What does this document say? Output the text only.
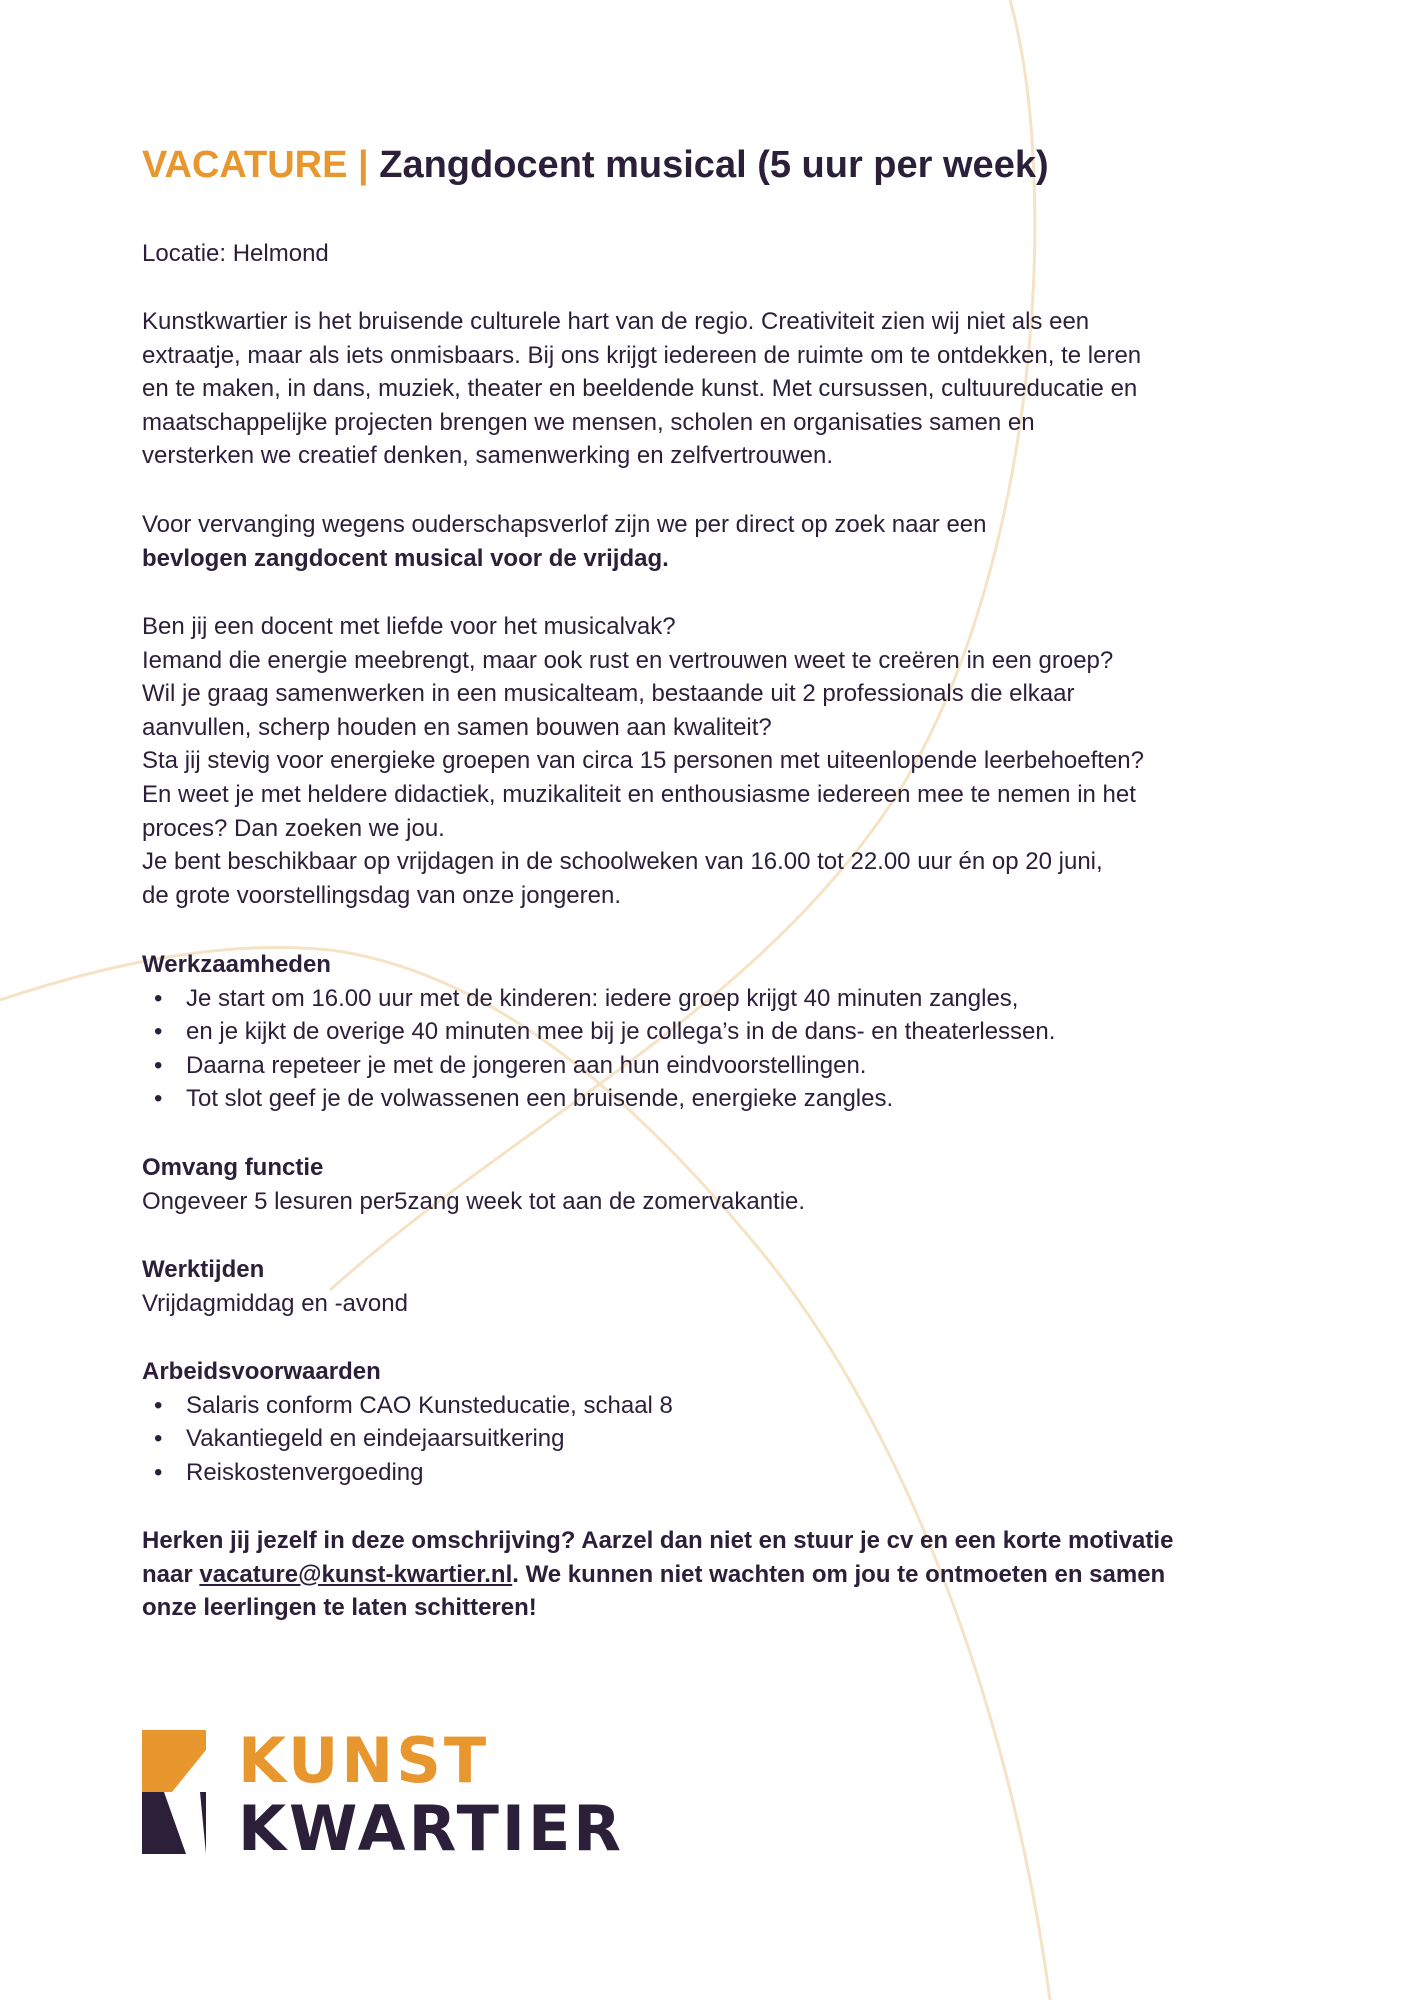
VACATURE | Zangdocent musical (5 uur per week)

Locatie: Helmond

Kunstkwartier is het bruisende culturele hart van de regio. Creativiteit zien wij niet als een
extraatje, maar als iets onmisbaars. Bij ons krijgt iedereen de ruimte om te ontdekken, te leren
en te maken, in dans, muziek, theater en beeldende kunst. Met cursussen, cultuureducatie en
maatschappelijke projecten brengen we mensen, scholen en organisaties samen en
versterken we creatief denken, samenwerking en zelfvertrouwen.
Voor vervanging wegens ouderschapsverlof zijn we per direct op zoek naar een
bevlogen zangdocent musical voor de vrijdag.
Ben jij een docent met liefde voor het musicalvak?
Iemand die energie meebrengt, maar ook rust en vertrouwen weet te creëren in een groep?
Wil je graag samenwerken in een musicalteam, bestaande uit 2 professionals die elkaar
aanvullen, scherp houden en samen bouwen aan kwaliteit?
Sta jij stevig voor energieke groepen van circa 15 personen met uiteenlopende leerbehoeften?
En weet je met heldere didactiek, muzikaliteit en enthousiasme iedereen mee te nemen in het
proces? Dan zoeken we jou.
Je bent beschikbaar op vrijdagen in de schoolweken van 16.00 tot 22.00 uur én op 20 juni,
de grote voorstellingsdag van onze jongeren.

Werkzaamheden

• Je start om 16.00 uur met de kinderen: iedere groep krijgt 40 minuten zangles,
• en je kijkt de overige 40 minuten mee bij je collega’s in de dans- en theaterlessen.
• Daarna repeteer je met de jongeren aan hun eindvoorstellingen.
• Tot slot geef je de volwassenen een bruisende, energieke zangles.

Omvang functie

Ongeveer 5 lesuren per5zang week tot aan de zomervakantie.

Werktijden

Vrijdagmiddag en -avond

Arbeidsvoorwaarden

• Salaris conform CAO Kunsteducatie, schaal 8
• Vakantiegeld en eindejaarsuitkering
• Reiskostenvergoeding
Herken jij jezelf in deze omschrijving? Aarzel dan niet en stuur je cv en een korte motivatie
naar vacature@kunst-kwartier.nl. We kunnen niet wachten om jou te ontmoeten en samen
onze leerlingen te laten schitteren!
KUNST
KWARTIER
